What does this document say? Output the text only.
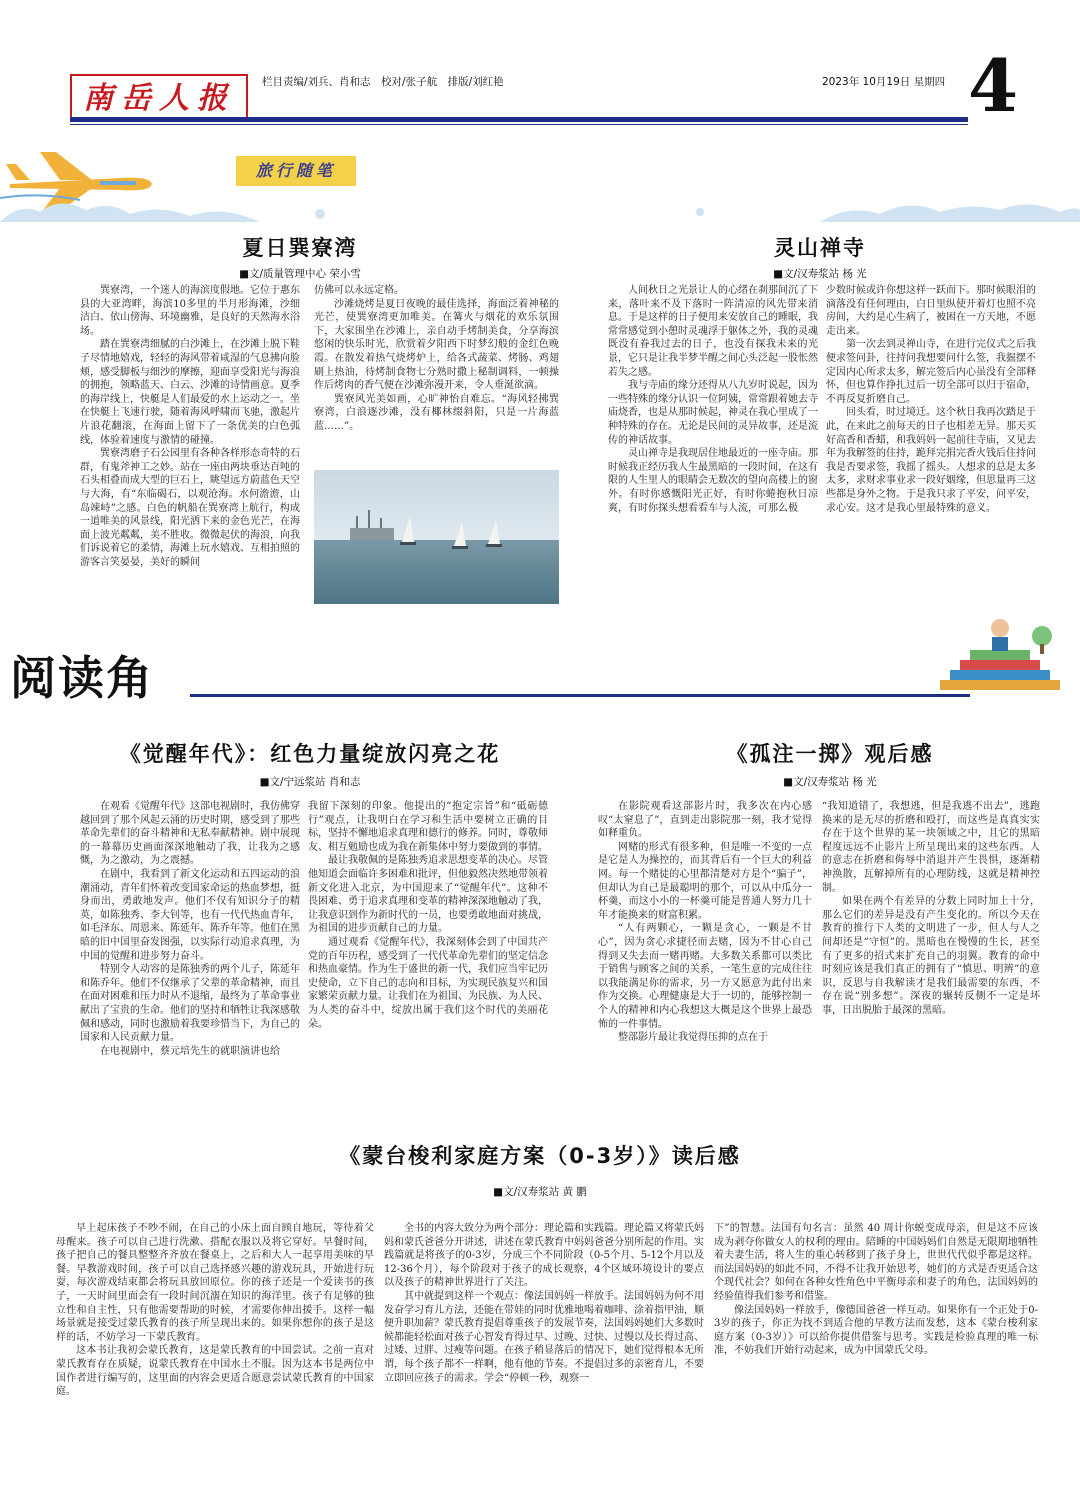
南岳人报	栏目责编/刘兵、肖和志　校对/张子航　排版/刘红艳	2023年 10月19日 星期四 4
旅行随笔
夏日巽寮湾
■文/质量管理中心 荣小雪

巽寮湾，一个迷人的海滨度假地。它位于惠东县的大亚湾畔，海滨10多里的半月形海滩，沙细洁白、依山傍海、环境幽雅，是良好的天然海水浴场。

踏在巽寮湾细腻的白沙滩上，在沙滩上脱下鞋子尽情地嬉戏，轻轻的海风带着咸湿的气息拂向脸颊，感受脚板与细沙的摩擦，迎面享受阳光与海浪的拥抱，领略蓝天、白云、沙滩的诗情画意。夏季的海岸线上，快艇是人们最爱的水上运动之一。坐在快艇上飞速行驶，随着海风呼啸而飞驰，激起片片浪花翻滚，在海面上留下了一条优美的白色弧线，体验着速度与激情的碰撞。

巽寮湾磨子石公园里有各种各样形态奇特的石群，有鬼斧神工之妙。站在一座由两块垂达百吨的石头相叠而成大型的巨石上，眺望远方蔚蓝色天空与大海，有“东临碣石，以观沧海。水何澹澹，山岛竦峙”之感。白色的帆船在巽寮湾上航行，构成一道唯美的风景线，阳光洒下来的金色光芒，在海面上波光粼粼，美不胜收。微微起伏的海浪，向我们诉说着它的柔情，海滩上玩水嬉戏、互相拍照的游客言笑晏晏，美好的瞬间

仿佛可以永远定格。

沙滩烧烤是夏日夜晚的最佳选择，海面泛着神秘的光芒，使巽寮湾更加唯美。在篝火与烟花的欢乐氛围下，大家围坐在沙滩上，亲自动手烤制美食，分享海滨悠闲的快乐时光，欣赏着夕阳西下时梦幻般的金红色晚霞。在散发着热气烧烤炉上，给各式蔬菜、烤肠、鸡翅刷上热油，待烤制食物七分熟时撒上秘制调料，一顿操作后烤肉的香气便在沙滩弥漫开来，令人垂涎欲滴。

巽寮风光美如画，心旷神怡自难忘。“海风轻拂巽寮湾，白浪逐沙滩，没有椰林缀斜阳，只是一片海蓝蓝……”。

灵山禅寺
■文/汉寿浆站 杨 光

人间秋日之光景让人的心绪在刹那间沉了下来，落叶来不及下落时一阵清凉的风先带来消息。于是这样的日子便用来安放自己的睡眠，我常常感觉到小憩时灵魂浮于躯体之外，我的灵魂既没有眷我过去的日子，也没有探我未来的光景，它只是让我半梦半醒之间心头泛起一股怅然若失之感。

我与寺庙的缘分还得从八九岁时说起，因为一些特殊的缘分认识一位阿姨，常常跟着她去寺庙烧香，也是从那时候起，神灵在我心里成了一种特殊的存在。无论是民间的灵异故事，还是流传的神话故事。

灵山禅寺是我现居住地最近的一座寺庙。那时候我正经历我人生最黑暗的一段时间，在这有限的人生里人的眼睛会无数次的望向高楼上的窗外。有时你感慨阳光正好，有时你蜷抱秋日凉爽，有时你探头想看看车与人流，可那么极

少数时候或许你想这样一跃而下。那时候眼泪的滴落没有任何理由，白日里纵使开着灯也照不亮房间，大约是心生病了，被困在一方天地，不愿走出来。

第一次去到灵禅山寺，在进行完仪式之后我便求签问卦，往持问我想要问什么签，我掘摆不定因内心所求太多，解完签后内心虽没有全部释怀，但也算作挣扎过后一切全部可以归于宿命，不再反复折磨自己。

回头看，时过境迁。这个秋日我再次踏足于此，在来此之前每天的日子也相差无异。那天买好高香和香蜡，和我妈妈一起前往寺庙，又见去年为我解签的住持，跪拜完捐完香火钱后住持问我是否要求签，我摇了摇头。人想求的总是太多太多，求财求事业求一段好姻缘，但思量再三这些都是身外之物。于是我只求了平安，问平安，求心安。这才是我心里最特殊的意义。

阅读角
《觉醒年代》：红色力量绽放闪亮之花
■文/宁远浆站 肖和志

在观看《觉醒年代》这部电视剧时，我仿佛穿越回到了那个风起云涌的历史时期，感受到了那些革命先辈们的奋斗精神和无私奉献精神。剧中展现的一幕幕历史画面深深地触动了我，让我为之感慨，为之激动，为之震撼。

在剧中，我看到了新文化运动和五四运动的浪潮涌动，青年们怀着改变国家命运的热血梦想，挺身而出，勇敢地发声。他们不仅有知识分子的精英，如陈独秀、李大钊等，也有一代代热血青年，如毛泽东、周恩来、陈延年、陈乔年等。他们在黑暗的旧中国里奋发图强，以实际行动追求真理，为中国的觉醒和进步努力奋斗。

特别令人动容的是陈独秀的两个儿子，陈延年和陈乔年。他们不仅继承了父辈的革命精神，而且在面对困难和压力时从不退缩，最终为了革命事业献出了宝贵的生命。他们的坚持和牺牲让我深感敬佩和感动，同时也激励着我要珍惜当下，为自己的国家和人民贡献力量。

在电视剧中，蔡元培先生的就职演讲也给

我留下深刻的印象。他提出的“抱定宗旨”和“砥砺德行”观点，让我明白在学习和生活中要树立正确的目标，坚持不懈地追求真理和德行的修养。同时，尊敬师友、相互勉励也成为我在新集体中努力要做到的事情。

最让我敬佩的是陈独秀追求思想变革的决心。尽管他知道会面临许多困难和批评，但他毅然决然地带领着新文化进入北京，为中国迎来了“觉醒年代”。这种不畏困难、勇于追求真理和变革的精神深深地触动了我，让我意识到作为新时代的一员，也要勇敢地面对挑战，为祖国的进步贡献自己的力量。

通过观看《觉醒年代》，我深刻体会到了中国共产党的百年历程，感受到了一代代革命先辈们的坚定信念和热血豪情。作为生于盛世的新一代，我们应当牢记历史使命，立下自己的志向和目标，为实现民族复兴和国家繁荣贡献力量。让我们在为祖国、为民族、为人民、为人类的奋斗中，绽放出属于我们这个时代的美丽花朵。

《孤注一掷》观后感
■文/汉寿浆站 杨 光

在影院观看这部影片时，我多次在内心感叹“太窒息了”，直到走出影院那一刻，我才觉得如释重负。

网赌的形式有很多种，但是唯一不变的一点是它是人为操控的，而其背后有一个巨大的利益网。每一个赌徒的心里都清楚对方是个“骗子”，但却认为自己是最聪明的那个，可以从中瓜分一杯羹，而这小小的一杯羹可能是普通人努力几十年才能换来的财富积累。

“人有两颗心，一颗是贪心，一颗是不甘心”，因为贪心求捷径而去赌，因为不甘心自己得到又失去而一赌再赌。大多数关系都可以类比于销售与顾客之间的关系，一笔生意的完成往往以我能满足你的需求，另一方又愿意为此付出来作为交换。心理健康是大于一切的，能够控制一个人的精神和内心我想这大概是这个世界上最恐怖的一件事情。

整部影片最让我觉得压抑的点在于

“我知道错了，我想逃，但是我逃不出去”，逃跑换来的是无尽的折磨和殴打，而这些是真真实实存在于这个世界的某一块领域之中，且它的黑暗程度远远不止影片上所呈现出来的这些东西。人的意志在折磨和侮辱中消退并产生畏惧，逐渐精神涣散，瓦解掉所有的心理防线，这就是精神控制。

如果在两个有差异的分数上同时加上十分，那么它们的差异是没有产生变化的。所以今天在教育的推行下人类的文明进了一步，但人与人之间却还是“守恒”的。黑暗也在慢慢的生长，甚至有了更多的招式来扩充自己的羽翼。教育的命中时刻应该是我们真正的拥有了“慎思、明辨”的意识，反思与自我解读才是我们最需要的东西，不存在说“别多想”。深夜的辗转反侧不一定是坏事，日出脱胎于最深的黑暗。

《蒙台梭利家庭方案（0-3岁）》读后感
■文/汉寿浆站 黄 鹏

早上起床孩子不吵不闹，在自己的小床上面自顾自地玩，等待着父母醒来。孩子可以自己进行洗漱、搭配衣服以及将它穿好。早餐时间，孩子把自己的餐具整整齐齐放在餐桌上，之后和大人一起享用美味的早餐。早教游戏时间，孩子可以自己选择感兴趣的游戏玩具，开始进行玩耍，每次游戏结束都会将玩具放回原位。你的孩子还是一个爱读书的孩子，一天时间里面会有一段时间沉溺在知识的海洋里。孩子有足够的独立性和自主性，只有他需要帮助的时候，才需要你伸出援手。这样一幅场景就是接受过蒙氏教育的孩子所呈现出来的。如果你想你的孩子是这样的话，不妨学习一下蒙氏教育。

这本书让我初会蒙氏教育，这是蒙氏教育的中国尝试。之前一直对蒙氏教育存在质疑，说蒙氏教育在中国水土不服。因为这本书是两位中国作者进行编写的，这里面的内容会更适合愿意尝试蒙氏教育的中国家庭。

全书的内容大致分为两个部分：理论篇和实践篇。理论篇又将蒙氏妈妈和蒙氏爸爸分开讲述，讲述在蒙氏教育中妈妈爸爸分别所起的作用。实践篇就是将孩子的0-3岁，分成三个不同阶段（0-5个月、5-12个月以及12-36个月），每个阶段对于孩子的成长观察，4个区域环境设计的要点以及孩子的精神世界进行了关注。

其中就提到这样一个观点：像法国妈妈一样放手。法国妈妈为何不用发奋学习育儿方法，还能在带娃的同时优雅地喝着咖啡、涂着指甲油，顺便升职加薪？蒙氏教育提倡尊重孩子的发展节奏，法国妈妈她们大多数时候都能轻松面对孩子心智发育得过早、过晚、过快、过慢以及长得过高、过矮、过胖、过瘦等问题。在孩子稍显落后的情况下，她们觉得根本无所谓，每个孩子都不一样啊，他有他的节奏。不提倡过多的亲密育儿，不要立即回应孩子的需求。学会“停顿一秒，观察一

下”的智慧。法国有句名言：虽然 40 周计你蜕变成母亲，但是这不应该成为剥夺你做女人的权利的理由。陪睡的中国妈妈们自然是无限期地牺牲着夫妻生活，将人生的重心转移到了孩子身上，世世代代似乎都是这样。而法国妈妈的如此不同，不得不让我开始思考，她们的方式是否更适合这个现代社会？如何在各种女性角色中平衡母亲和妻子的角色，法国妈妈的经验值得我们参考和借鉴。

像法国妈妈一样放手，像德国爸爸一样互动。如果你有一个正处于0-3岁的孩子，你正为找不到适合他的早教方法而发愁，这本《蒙台梭利家庭方案（0-3岁）》可以给你提供借鉴与思考。实践是检验真理的唯一标准，不妨我们开始行动起来，成为中国蒙氏父母。
